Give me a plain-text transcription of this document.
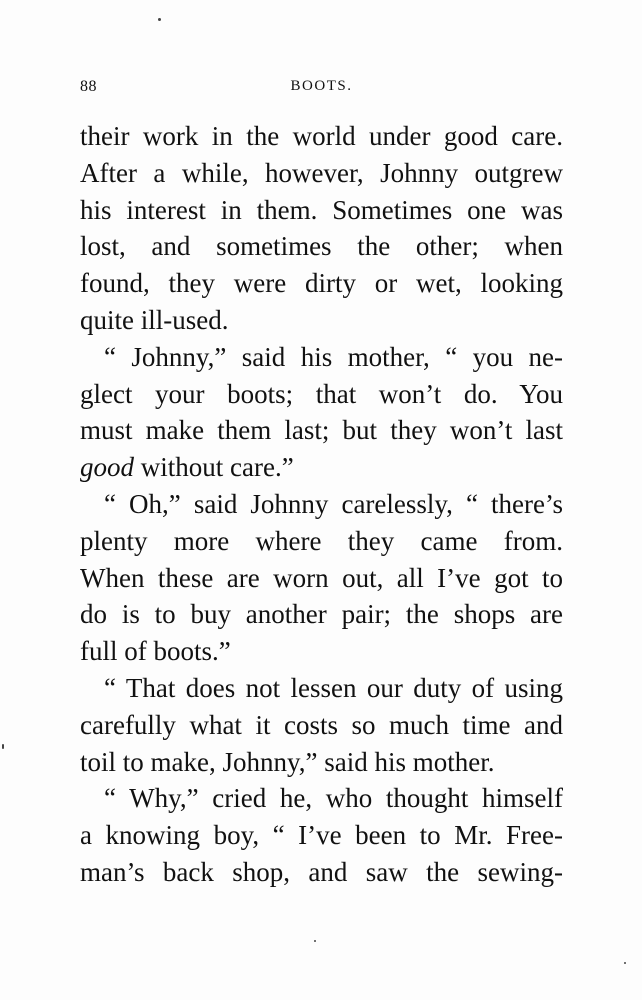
88	BOOTS.
their work in the world under good care.
After a while, however, Johnny outgrew
his interest in them. Sometimes one was
lost, and sometimes the other; when
found, they were dirty or wet, looking
quite ill-used.
“ Johnny,” said his mother, “ you ne-
glect your boots; that won’t do. You
must make them last; but they won’t last
good without care.”
“ Oh,” said Johnny carelessly, “ there’s
plenty more where they came from.
When these are worn out, all I’ve got to
do is to buy another pair; the shops are
full of boots.”
“ That does not lessen our duty of using
carefully what it costs so much time and
toil to make, Johnny,” said his mother.
“ Why,” cried he, who thought himself
a knowing boy, “ I’ve been to Mr. Free-
man’s back shop, and saw the sewing-
